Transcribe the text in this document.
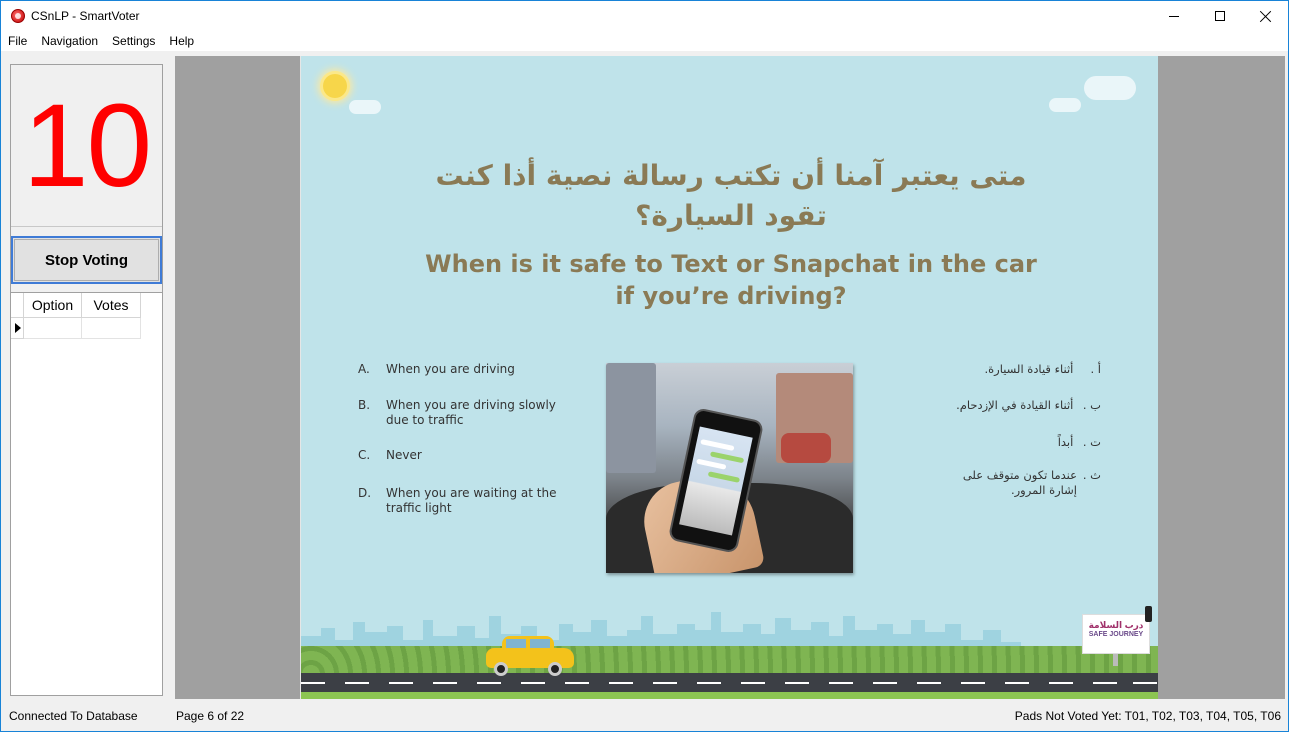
CSnLP - SmartVoter
File	Navigation	Settings	Help
10
Stop Voting
Option	Votes
متى يعتبر آمنا أن تكتب رسالة نصية أذا كنت
تقود السيارة؟
When is it safe to Text or Snapchat in the car
if you’re driving?
A.	When you are driving
B.	When you are driving slowly due to traffic
C.	Never
D.	When you are waiting at the traffic light
أ . أثناء قيادة السيارة.
ب . أثناء القيادة في الإزدحام.
ت . أبداً
ث .
عندما تكون متوقف على إشارة المرور.
درب السلامة
SAFE JOURNEY
Connected To Database	Page 6 of 22	Pads Not Voted Yet: T01, T02, T03, T04, T05, T06
